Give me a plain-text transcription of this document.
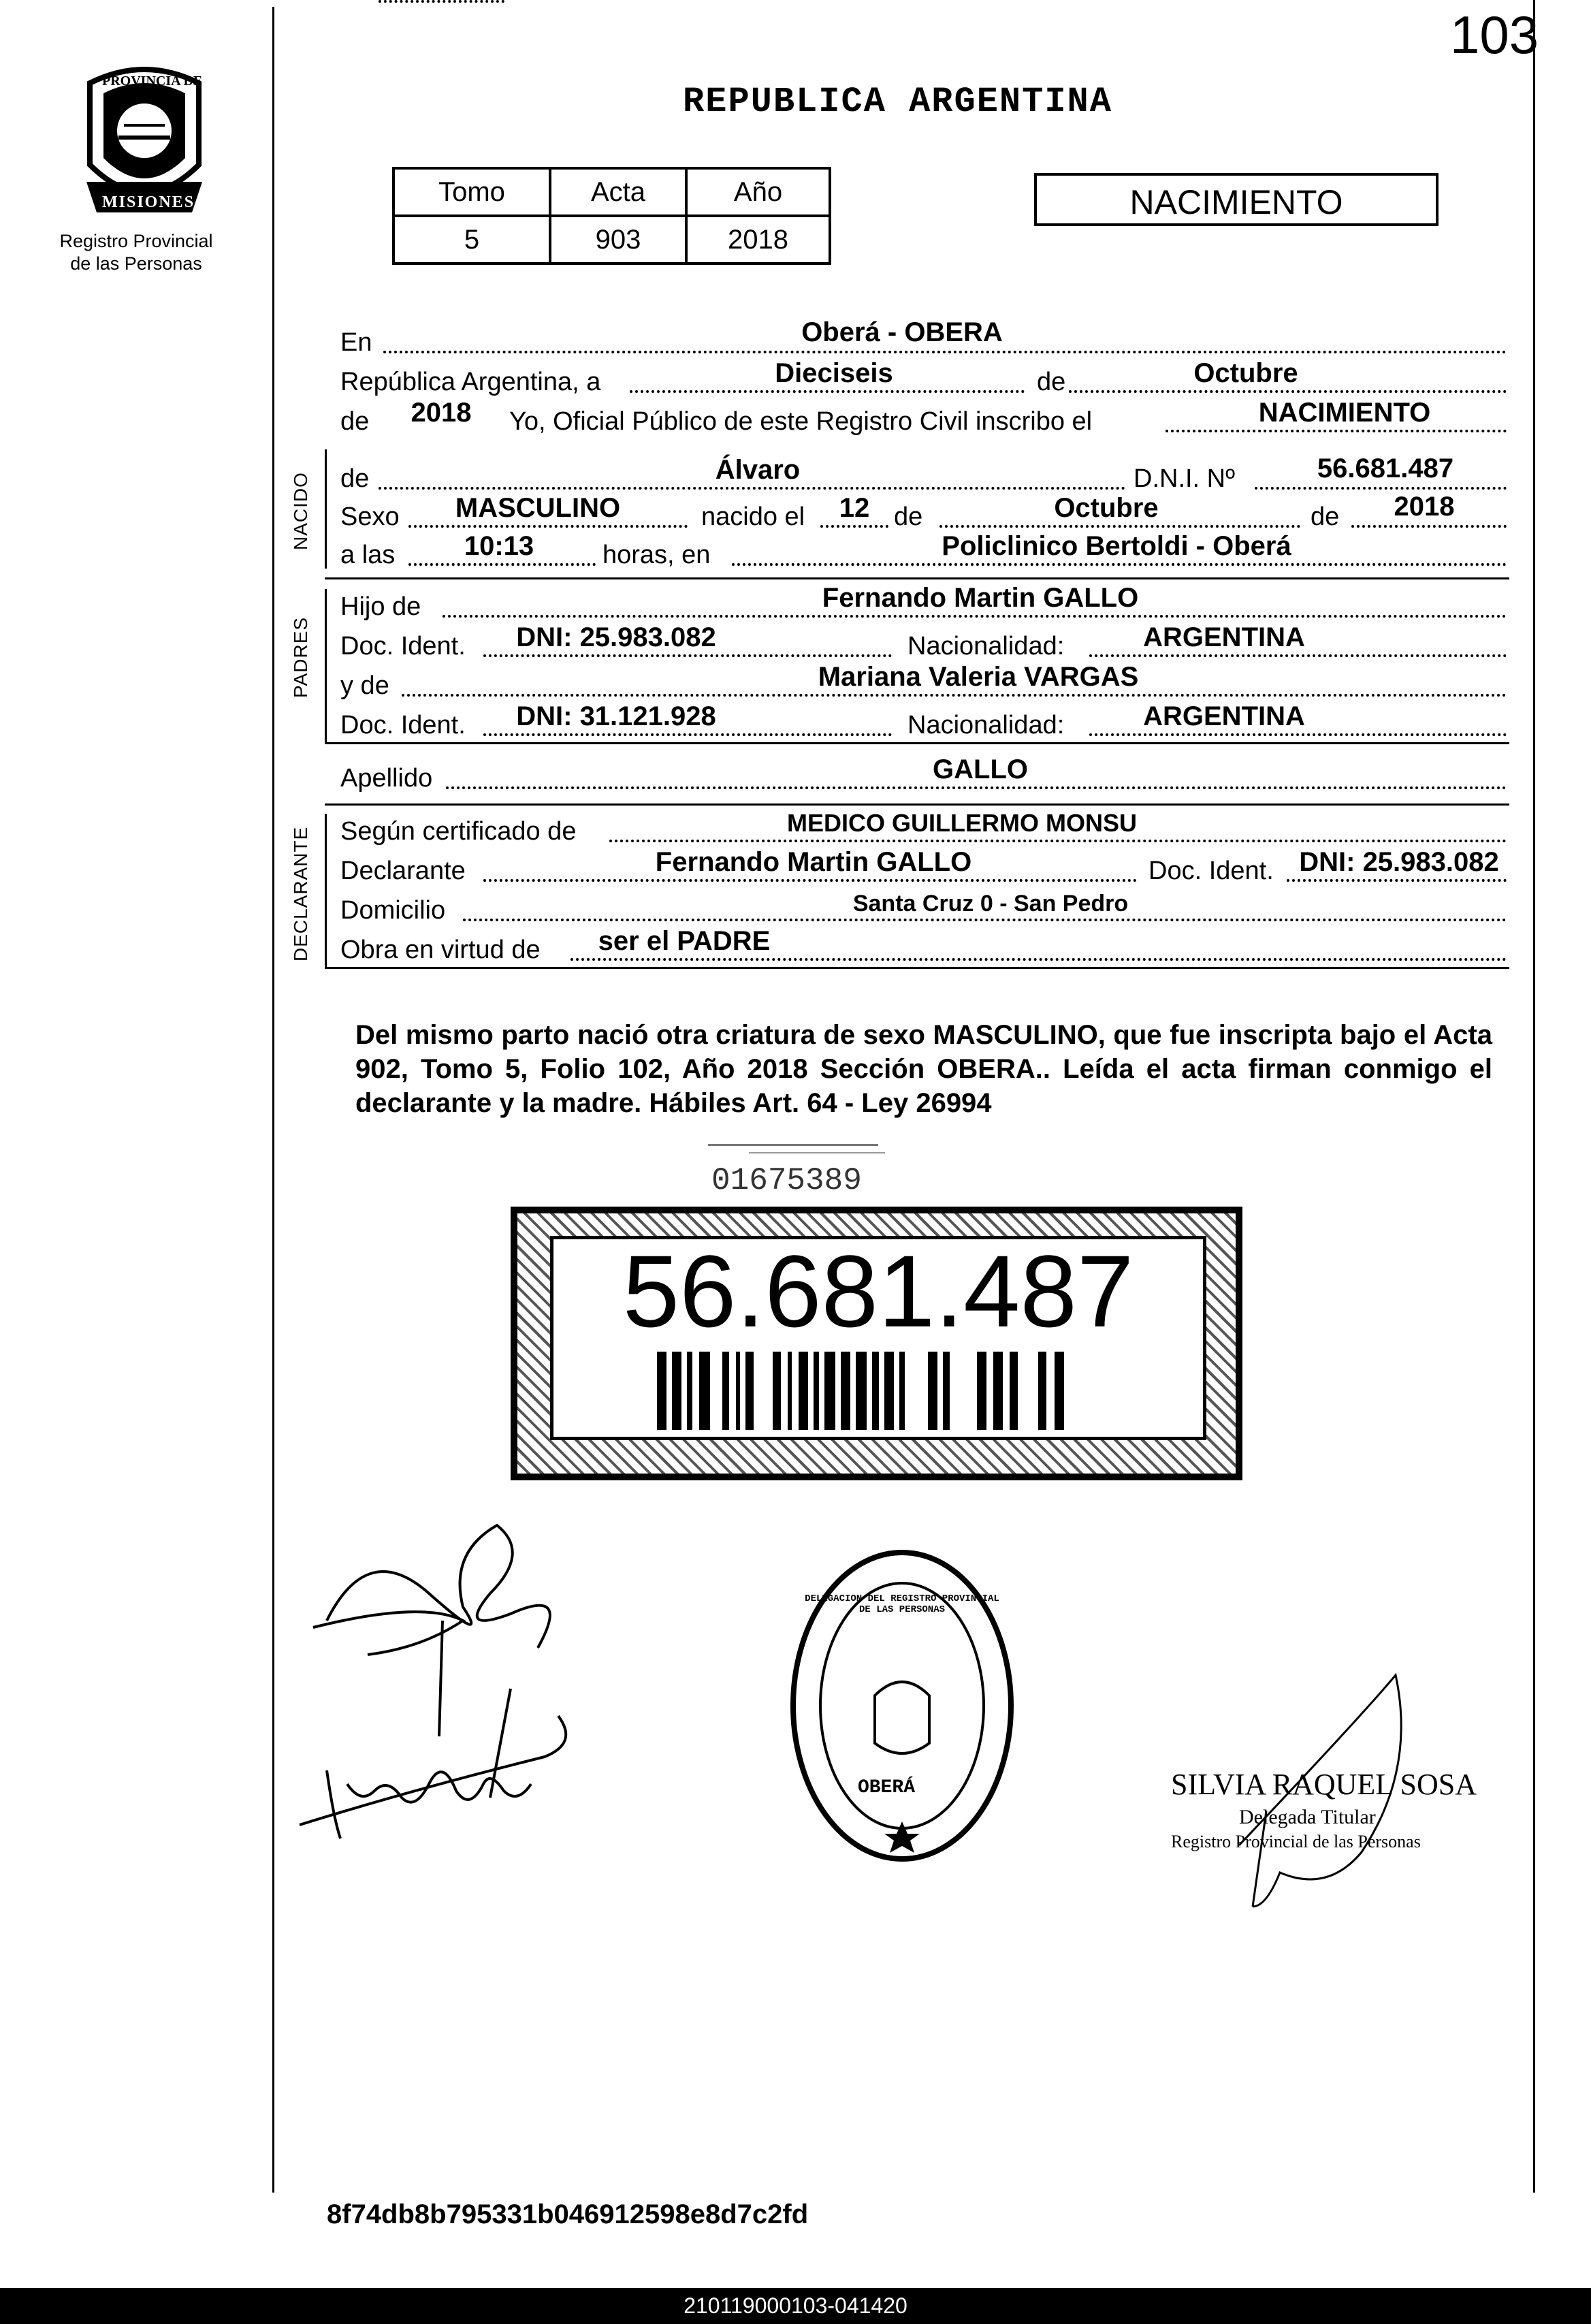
103
PROVINCIA DE
MISIONES
Registro Provincial
de las Personas
REPUBLICA ARGENTINA
Tomo	Acta	Año
5	903	2018
NACIMIENTO
En	Oberá - OBERA
República Argentina, a	Dieciseis	de	Octubre
de 2018 Yo, Oficial Público de este Registro Civil inscribo el	NACIMIENTO
NACIDO de	Álvaro	D.N.I. Nº	56.681.487
Sexo MASCULINO	nacido el 12 de	Octubre	de 2018
a las	10:13	horas, en	Policlinico Bertoldi - Oberá
PADRES
Hijo de	Fernando Martin GALLO
Doc. Ident. DNI: 25.983.082	Nacionalidad:	ARGENTINA
y de	Mariana Valeria VARGAS
Doc. Ident. DNI: 31.121.928	Nacionalidad:	ARGENTINA
Apellido	GALLO
DECLARANTE Según certificado de	MEDICO GUILLERMO MONSU
Declarante	Fernando Martin GALLO	Doc. Ident. DNI: 25.983.082
Domicilio	Santa Cruz 0 - San Pedro
Obra en virtud de ser el PADRE
Del mismo parto nació otra criatura de sexo MASCULINO, que fue inscripta bajo el Acta 902, Tomo 5, Folio 102, Año 2018 Sección OBERA.. Leída el acta firman conmigo el declarante y la madre. Hábiles Art. 64 - Ley 26994
01675389
56.681.487
DELEGACION DEL REGISTRO PROVINCIAL DE LAS PERSONAS
OBERÁ	SILVIA RAQUEL SOSA
Delegada Titular
Registro Provincial de las Personas
8f74db8b795331b046912598e8d7c2fd
210119000103-041420
